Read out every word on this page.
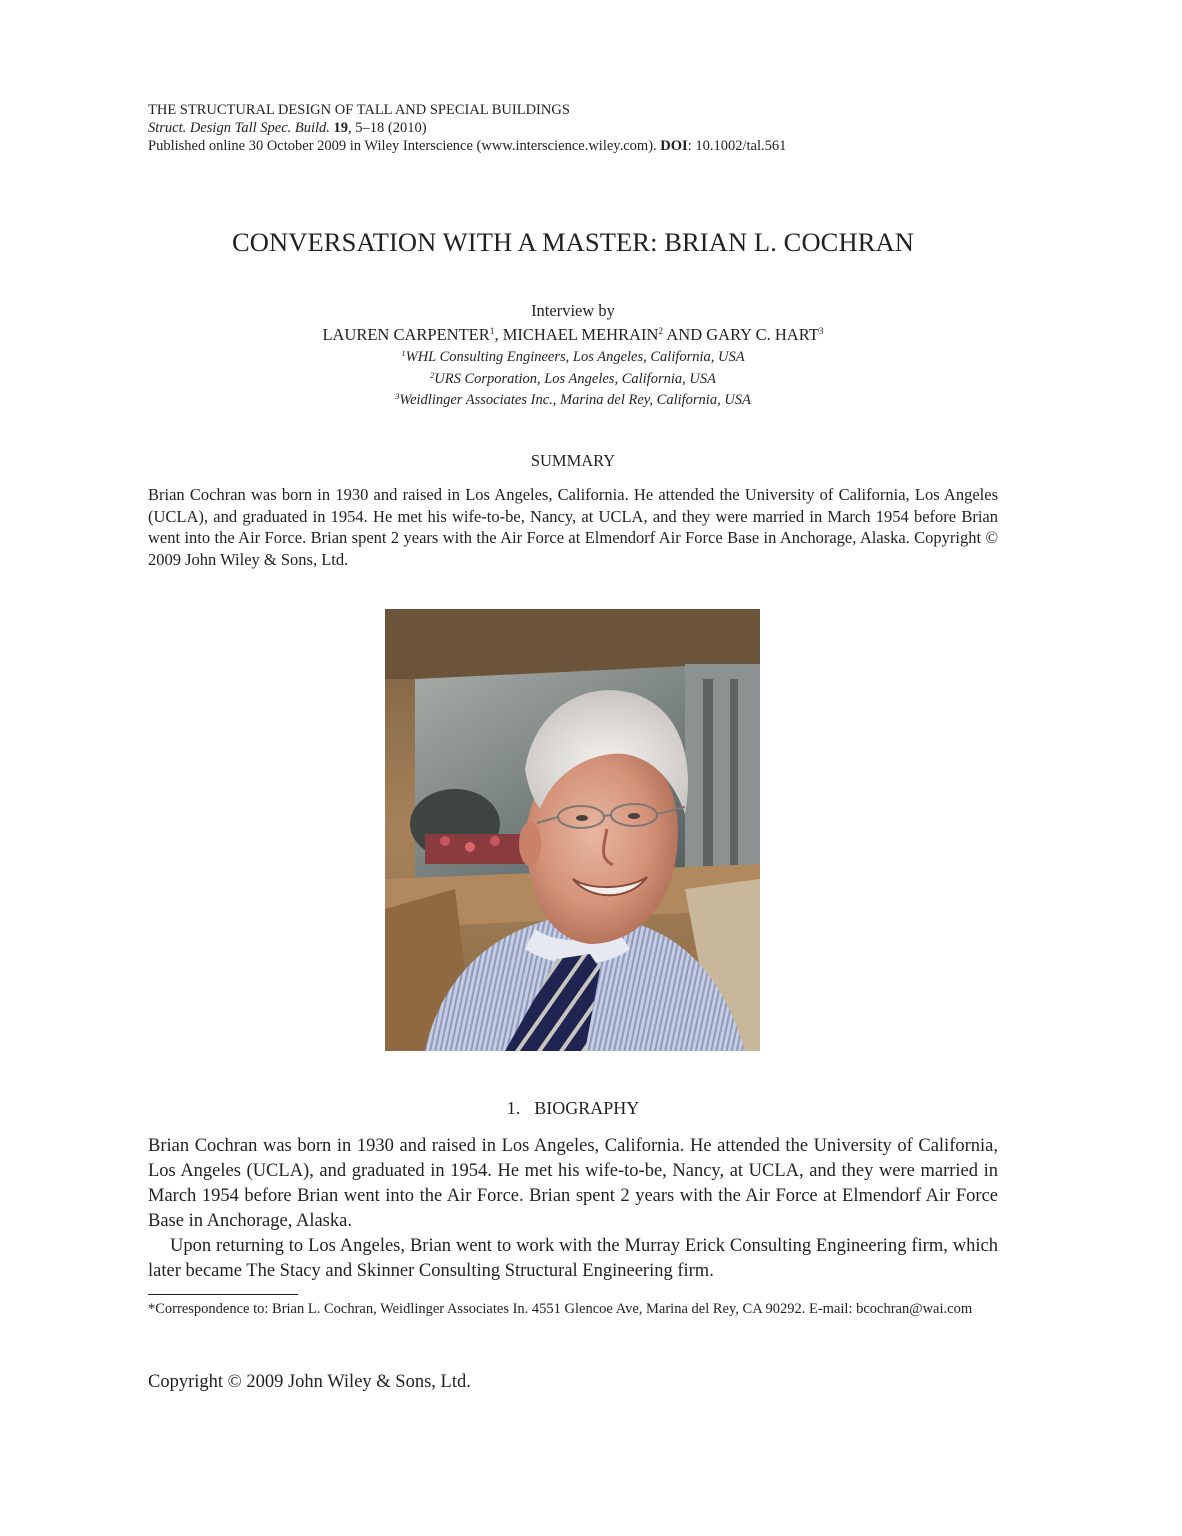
THE STRUCTURAL DESIGN OF TALL AND SPECIAL BUILDINGS
Struct. Design Tall Spec. Build. 19, 5–18 (2010)
Published online 30 October 2009 in Wiley Interscience (www.interscience.wiley.com). DOI: 10.1002/tal.561
CONVERSATION WITH A MASTER: BRIAN L. COCHRAN
Interview by
LAUREN CARPENTER$^1$, MICHAEL MEHRAIN$^2$ AND GARY C. HART$^3$
$^1$WHL Consulting Engineers, Los Angeles, California, USA
$^2$URS Corporation, Los Angeles, California, USA
$^3$Weidlinger Associates Inc., Marina del Rey, California, USA
SUMMARY
Brian Cochran was born in 1930 and raised in Los Angeles, California. He attended the University of California, Los Angeles (UCLA), and graduated in 1954. He met his wife-to-be, Nancy, at UCLA, and they were married in March 1954 before Brian went into the Air Force. Brian spent 2 years with the Air Force at Elmendorf Air Force Base in Anchorage, Alaska. Copyright © 2009 John Wiley & Sons, Ltd.
1. BIOGRAPHY

Brian Cochran was born in 1930 and raised in Los Angeles, California. He attended the University of California, Los Angeles (UCLA), and graduated in 1954. He met his wife-to-be, Nancy, at UCLA, and they were married in March 1954 before Brian went into the Air Force. Brian spent 2 years with the Air Force at Elmendorf Air Force Base in Anchorage, Alaska.

Upon returning to Los Angeles, Brian went to work with the Murray Erick Consulting Engineering firm, which later became The Stacy and Skinner Consulting Structural Engineering firm.

*Correspondence to: Brian L. Cochran, Weidlinger Associates In. 4551 Glencoe Ave, Marina del Rey, CA 90292. E-mail: bcochran@wai.com
Copyright © 2009 John Wiley & Sons, Ltd.
